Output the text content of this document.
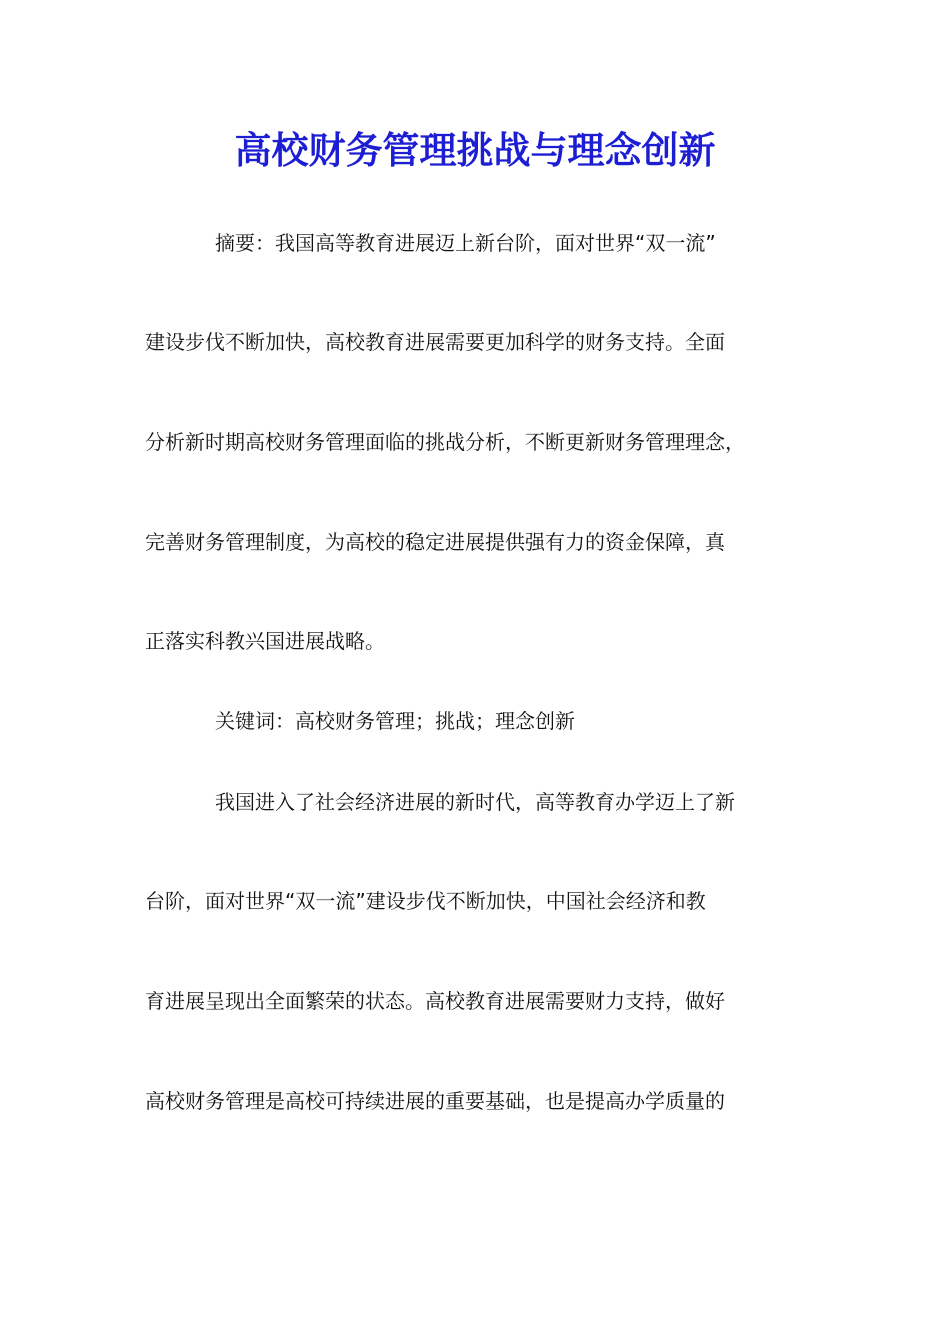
高校财务管理挑战与理念创新
摘要：我国高等教育进展迈上新台阶，面对世界“双一流”
建设步伐不断加快，高校教育进展需要更加科学的财务支持。全面
分析新时期高校财务管理面临的挑战分析，不断更新财务管理理念，
完善财务管理制度，为高校的稳定进展提供强有力的资金保障，真
正落实科教兴国进展战略。
关键词：高校财务管理；挑战；理念创新
我国进入了社会经济进展的新时代，高等教育办学迈上了新
台阶，面对世界“双一流”建设步伐不断加快，中国社会经济和教
育进展呈现出全面繁荣的状态。高校教育进展需要财力支持，做好
高校财务管理是高校可持续进展的重要基础，也是提高办学质量的
